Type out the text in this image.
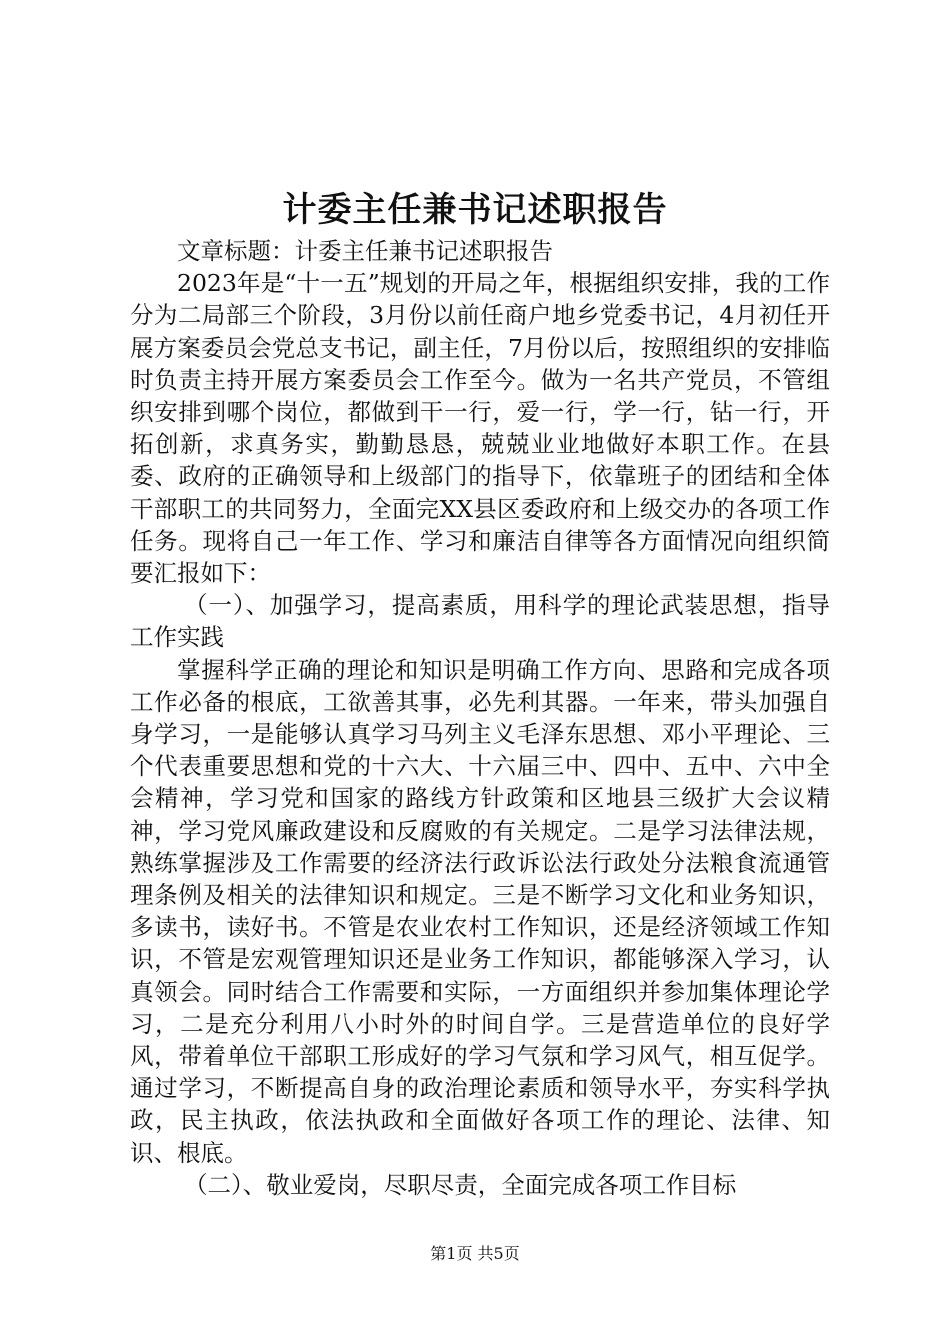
计委主任兼书记述职报告

文章标题：计委主任兼书记述职报告

2023年是“十一五”规划的开局之年，根据组织安排，我的工作分为二局部三个阶段，3月份以前任商户地乡党委书记，4月初任开展方案委员会党总支书记，副主任，7月份以后，按照组织的安排临时负责主持开展方案委员会工作至今。做为一名共产党员，不管组织安排到哪个岗位，都做到干一行，爱一行，学一行，钻一行，开拓创新，求真务实，勤勤恳恳，兢兢业业地做好本职工作。在县委、政府的正确领导和上级部门的指导下，依靠班子的团结和全体干部职工的共同努力，全面完XX县区委政府和上级交办的各项工作任务。现将自己一年工作、学习和廉洁自律等各方面情况向组织简要汇报如下：

（一）、加强学习，提高素质，用科学的理论武装思想，指导工作实践

掌握科学正确的理论和知识是明确工作方向、思路和完成各项工作必备的根底，工欲善其事，必先利其器。一年来，带头加强自身学习，一是能够认真学习马列主义毛泽东思想、邓小平理论、三个代表重要思想和党的十六大、十六届三中、四中、五中、六中全会精神，学习党和国家的路线方针政策和区地县三级扩大会议精神，学习党风廉政建设和反腐败的有关规定。二是学习法律法规，熟练掌握涉及工作需要的经济法行政诉讼法行政处分法粮食流通管理条例及相关的法律知识和规定。三是不断学习文化和业务知识，多读书，读好书。不管是农业农村工作知识，还是经济领域工作知识，不管是宏观管理知识还是业务工作知识，都能够深入学习，认真领会。同时结合工作需要和实际，一方面组织并参加集体理论学习，二是充分利用八小时外的时间自学。三是营造单位的良好学风，带着单位干部职工形成好的学习气氛和学习风气，相互促学。通过学习，不断提高自身的政治理论素质和领导水平，夯实科学执政，民主执政，依法执政和全面做好各项工作的理论、法律、知识、根底。

（二）、敬业爱岗，尽职尽责，全面完成各项工作目标

第1页 共5页
